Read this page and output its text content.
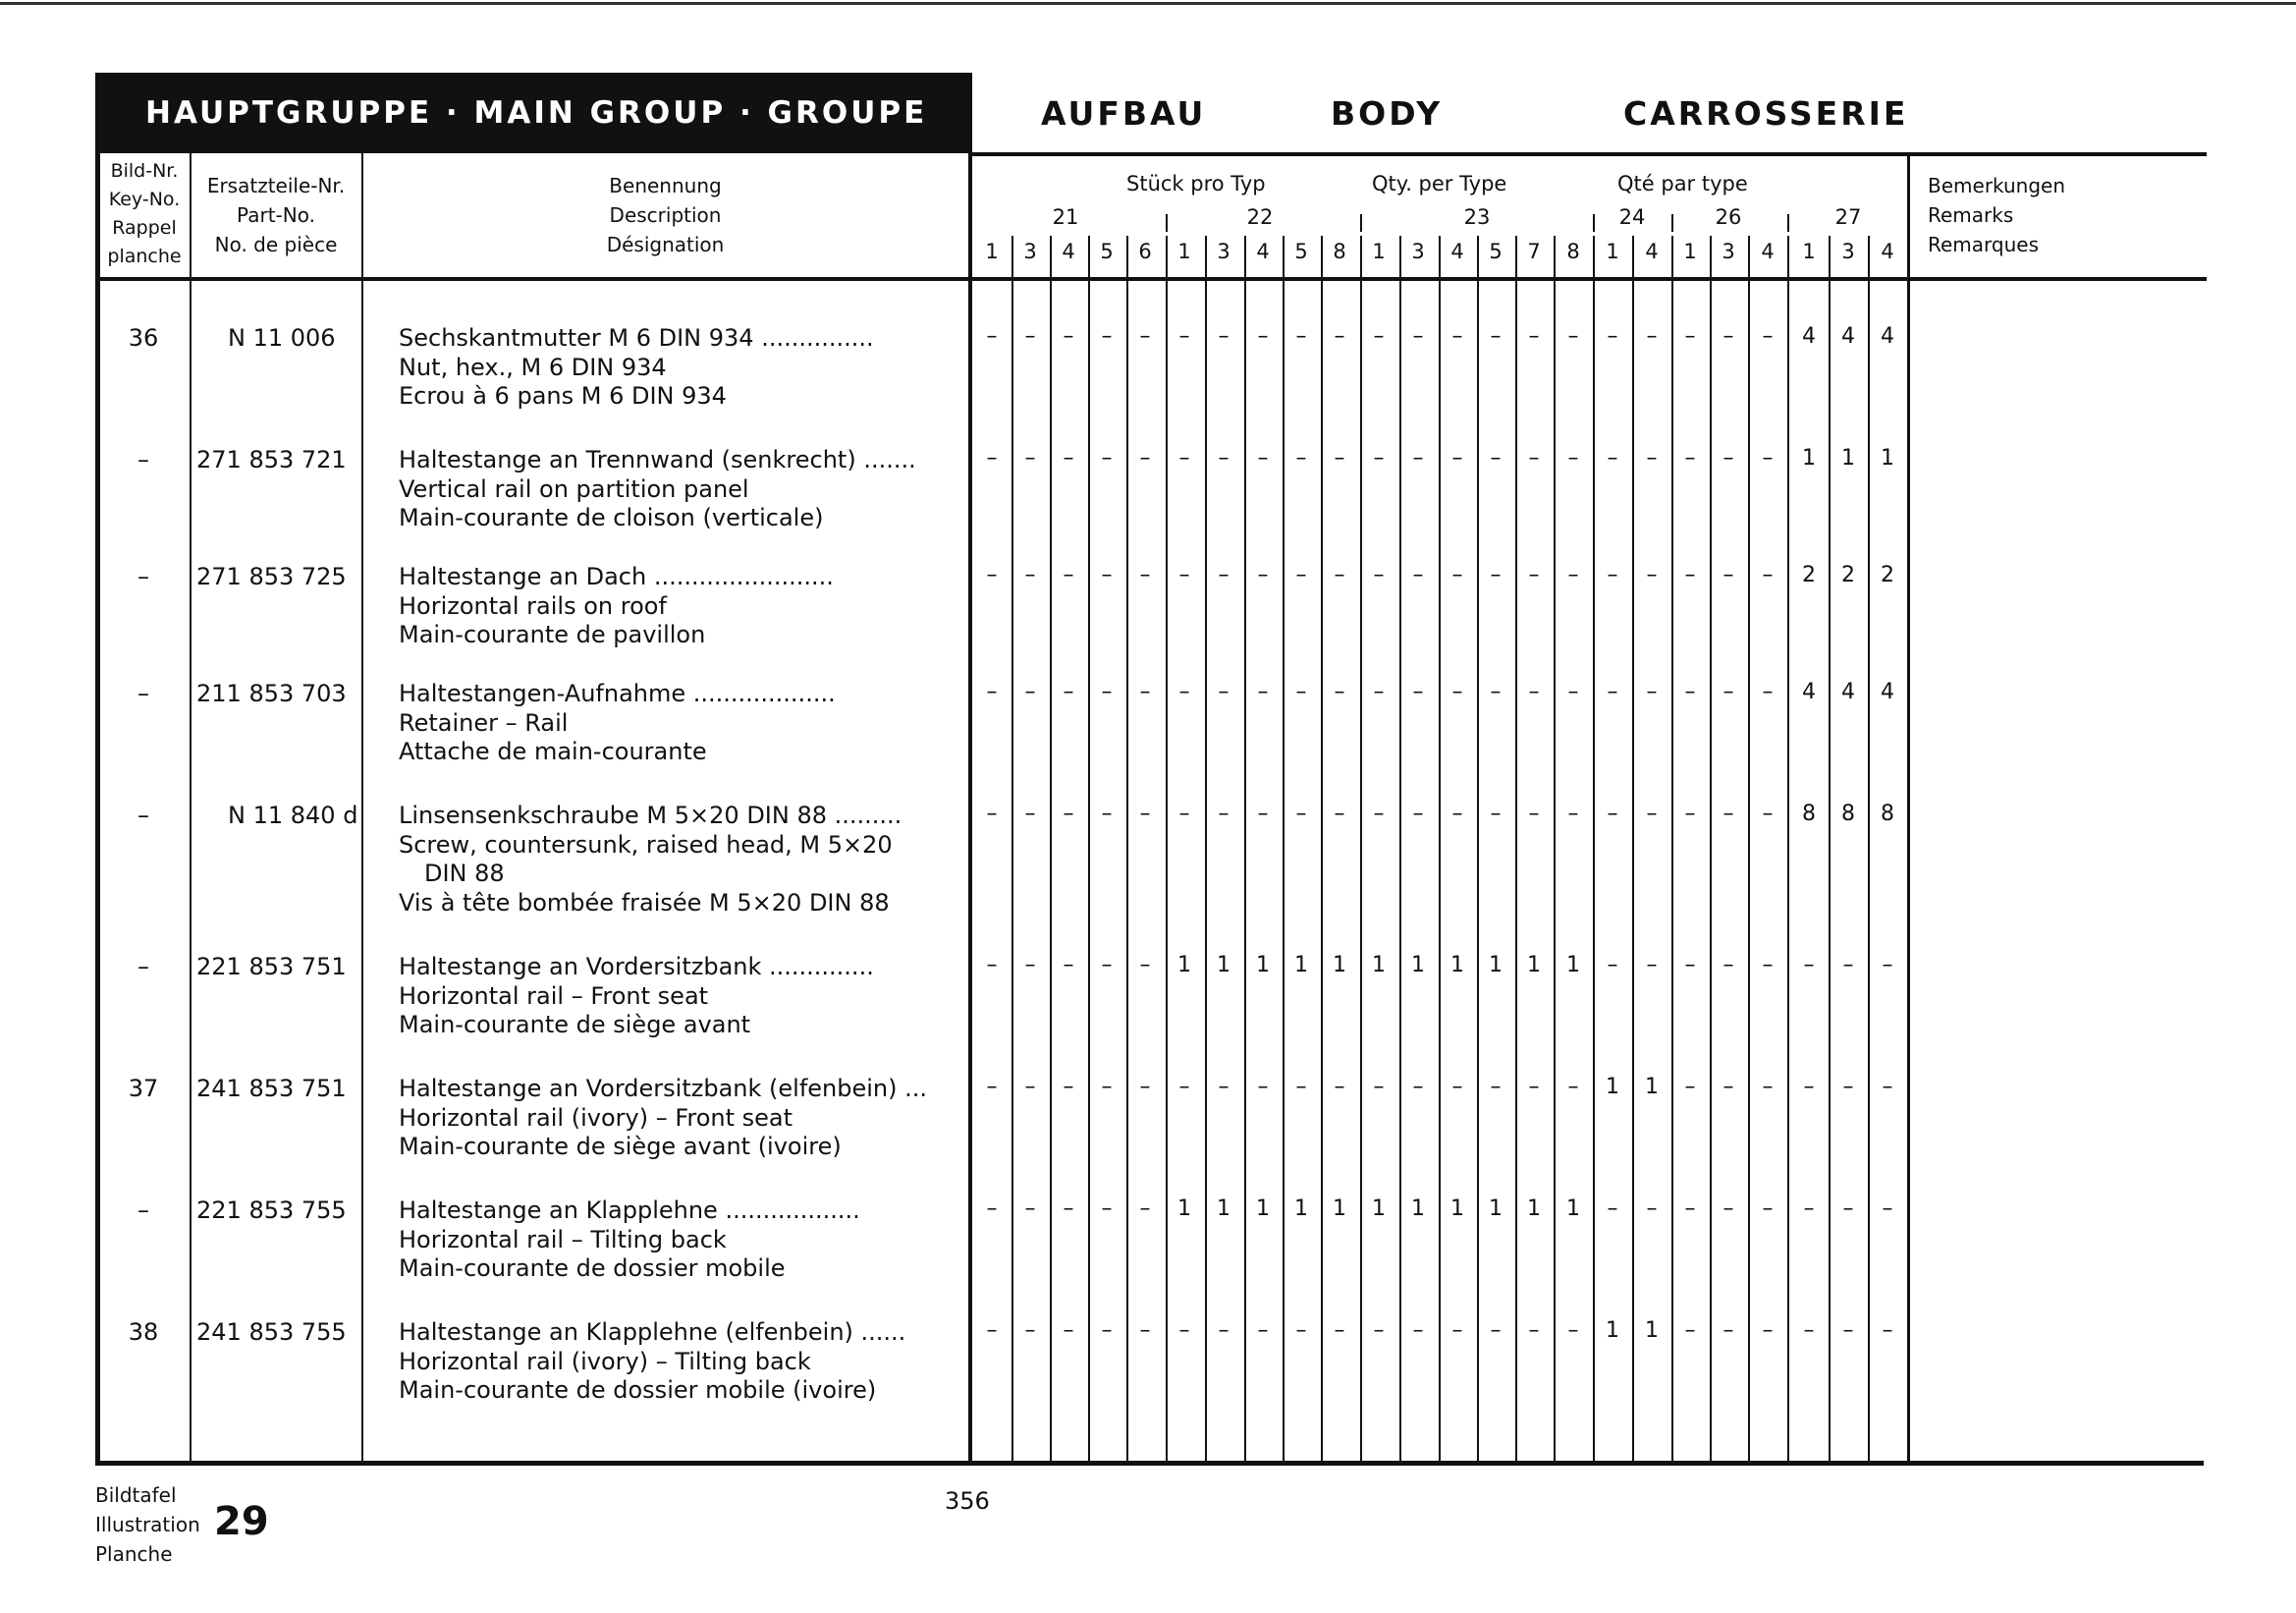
HAUPTGRUPPE · MAIN GROUP · GROUPE 8 AUFBAU	BODY	CARROSSERIE
Bild-Nr.
Key-No.
Rappel
planche
Ersatzteile-Nr.
Part-No.
No. de pièce
Benennung
Description
Désignation
Stück pro Typ	Qty. per Type	Qté par type	Bemerkungen
Remarks
Remarques
21	22	23	24	26	27
1	3	4	5	6	1	3	4	5	8	1	3	4	5	7	8	1	4	1	3	4	1	3	4
36	N 11 006	Sechskantmutter M 6 DIN 934 ...............
Nut, hex., M 6 DIN 934
Ecrou à 6 pans M 6 DIN 934
–	–	–	–	–	–	–	–	–	–	–	–	–	–	–	–	–	–	–	–	–	4	4	4
–	271 853 721 Haltestange an Trennwand (senkrecht) .......
Vertical rail on partition panel
Main-courante de cloison (verticale)
–	–	–	–	–	–	–	–	–	–	–	–	–	–	–	–	–	–	–	–	–	1	1	1
–	271 853 725 Haltestange an Dach ........................
Horizontal rails on roof
Main-courante de pavillon
–	–	–	–	–	–	–	–	–	–	–	–	–	–	–	–	–	–	–	–	–	2	2	2
–	211 853 703 Haltestangen-Aufnahme ...................
Retainer – Rail
Attache de main-courante
–	–	–	–	–	–	–	–	–	–	–	–	–	–	–	–	–	–	–	–	–	4	4	4
–	N 11 840 d Linsensenkschraube M 5×20 DIN 88 .........
Screw, countersunk, raised head, M 5×20
DIN 88
Vis à tête bombée fraisée M 5×20 DIN 88
–	–	–	–	–	–	–	–	–	–	–	–	–	–	–	–	–	–	–	–	–	8	8	8
–	221 853 751 Haltestange an Vordersitzbank ..............
Horizontal rail – Front seat
Main-courante de siège avant
–	–	–	–	–	1	1	1	1	1	1	1	1	1	1	1	–	–	–	–	–	–	–	–
37	241 853 751 Haltestange an Vordersitzbank (elfenbein) ...
Horizontal rail (ivory) – Front seat
Main-courante de siège avant (ivoire)
–	–	–	–	–	–	–	–	–	–	–	–	–	–	–	–	1	1	–	–	–	–	–	–
–	221 853 755 Haltestange an Klapplehne ..................
Horizontal rail – Tilting back
Main-courante de dossier mobile
–	–	–	–	–	1	1	1	1	1	1	1	1	1	1	1	–	–	–	–	–	–	–	–
38	241 853 755 Haltestange an Klapplehne (elfenbein) ......
Horizontal rail (ivory) – Tilting back
Main-courante de dossier mobile (ivoire)
–	–	–	–	–	–	–	–	–	–	–	–	–	–	–	–	1	1	–	–	–	–	–	–
Bildtafel
Illustration
Planche
29	356
